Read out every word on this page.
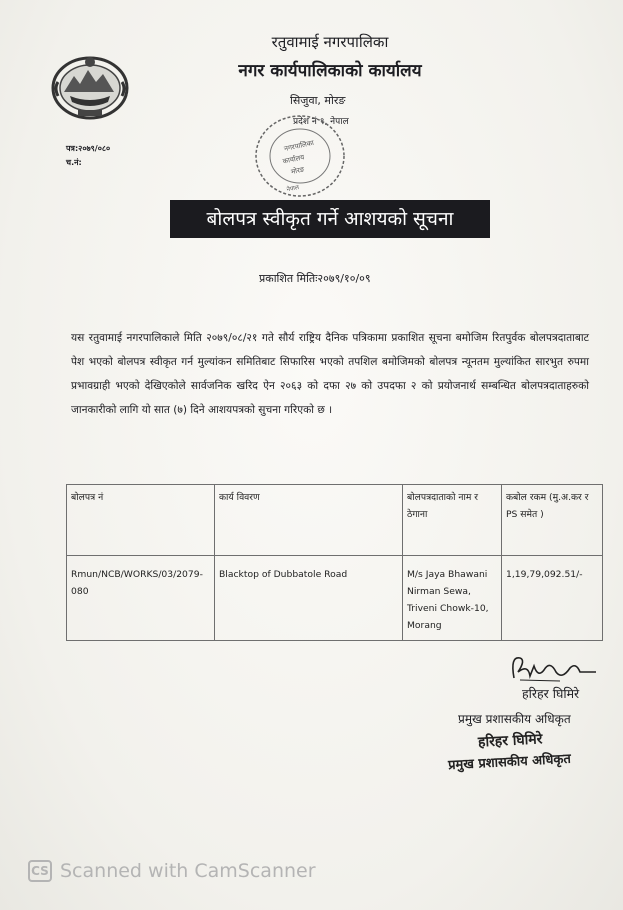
रतुवामाई नगरपालिका
नगर कार्यपालिकाको कार्यालय
सिजुवा, मोरङ
प्रदेश नं १, नेपाल
पत्र:२०७९/०८०
च.नं:
नगरपालिका
कार्यालय
मोरङ
नेपाल
बोलपत्र स्वीकृत गर्ने आशयको सूचना
प्रकाशित मितिः२०७९/१०/०९
यस रतुवामाई नगरपालिकाले मिति २०७९/०८/२१ गते सौर्य राष्ट्रिय दैनिक पत्रिकामा प्रकाशित सूचना बमोजिम रितपुर्वक बोलपत्रदाताबाट पेश भएको बोलपत्र स्वीकृत गर्न मुल्यांकन समितिबाट सिफारिस भएको तपशिल बमोजिमको बोलपत्र न्यूनतम मुल्यांकित सारभुत रुपमा प्रभावग्राही भएको देखिएकोले सार्वजनिक खरिद ऐन २०६३ को दफा २७ को उपदफा २ को प्रयोजनार्थ सम्बन्धित बोलपत्रदाताहरुको जानकारीको लागि यो सात (७) दिने आशयपत्रको सुचना गरिएको छ ।
बोलपत्र नं	कार्य विवरण	बोलपत्रदाताको नाम र ठेगाना	कबोल रकम (मु.अ.कर र PS समेत )
Rmun/NCB/WORKS/03/2079-080	Blacktop of Dubbatole Road	M/s Jaya Bhawani Nirman Sewa, Triveni Chowk-10, Morang	1,19,79,092.51/-
हरिहर घिमिरे
प्रमुख प्रशासकीय अधिकृत
हरिहर घिमिरे
प्रमुख प्रशासकीय अधिकृत
CS Scanned with CamScanner
